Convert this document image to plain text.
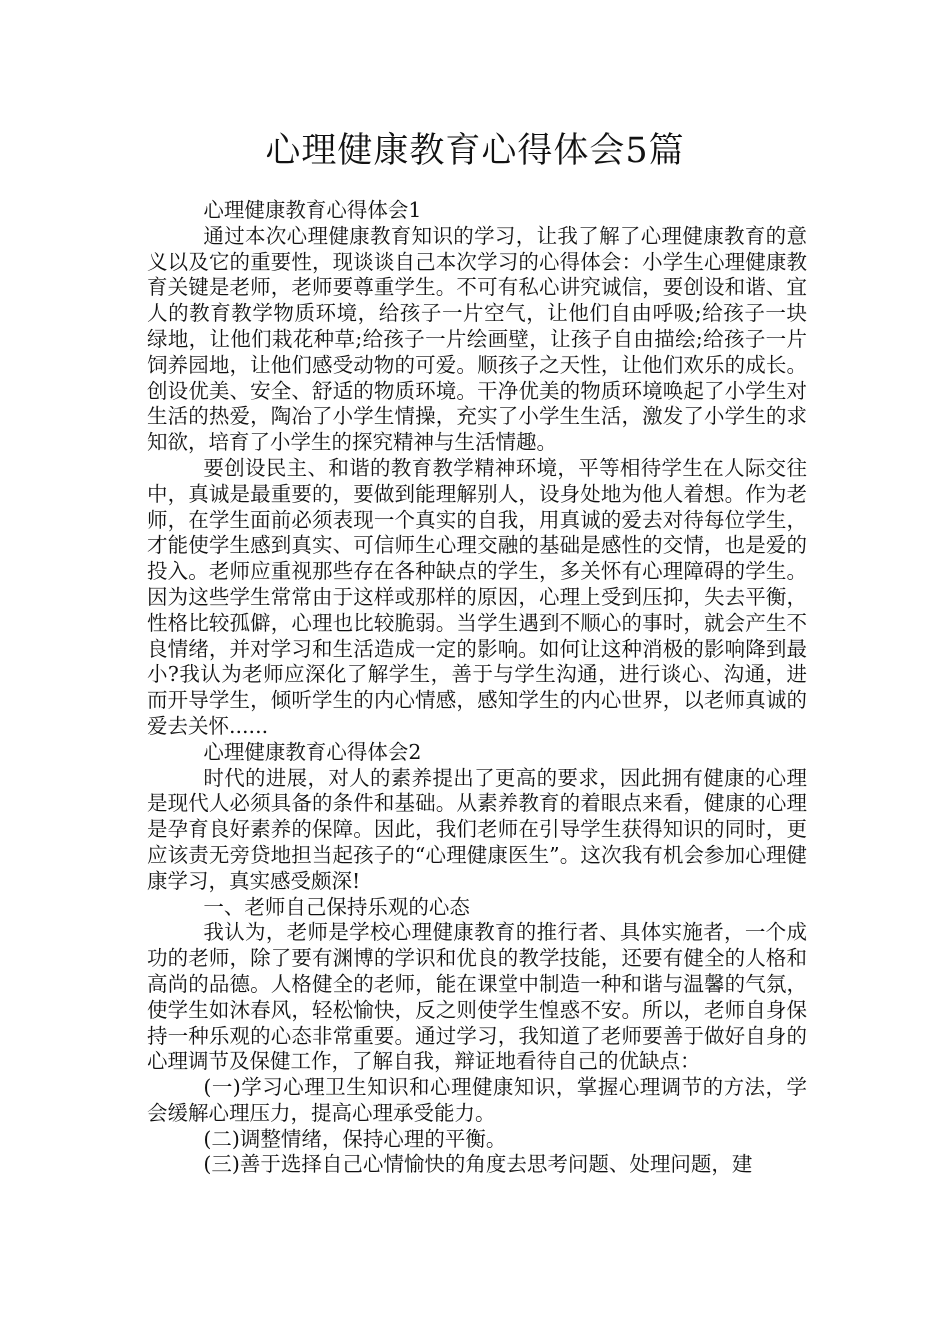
心理健康教育心得体会5篇

心理健康教育心得体会1

通过本次心理健康教育知识的学习，让我了解了心理健康教育的意义以及它的重要性，现谈谈自己本次学习的心得体会：小学生心理健康教育关键是老师，老师要尊重学生。不可有私心讲究诚信，要创设和谐、宜人的教育教学物质环境，给孩子一片空气，让他们自由呼吸;给孩子一块绿地，让他们栽花种草;给孩子一片绘画壁，让孩子自由描绘;给孩子一片饲养园地，让他们感受动物的可爱。顺孩子之天性，让他们欢乐的成长。创设优美、安全、舒适的物质环境。干净优美的物质环境唤起了小学生对生活的热爱，陶冶了小学生情操，充实了小学生生活，激发了小学生的求知欲，培育了小学生的探究精神与生活情趣。

要创设民主、和谐的教育教学精神环境，平等相待学生在人际交往中，真诚是最重要的，要做到能理解别人，设身处地为他人着想。作为老师，在学生面前必须表现一个真实的自我，用真诚的爱去对待每位学生，才能使学生感到真实、可信师生心理交融的基础是感性的交情，也是爱的投入。老师应重视那些存在各种缺点的学生，多关怀有心理障碍的学生。因为这些学生常常由于这样或那样的原因，心理上受到压抑，失去平衡，性格比较孤僻，心理也比较脆弱。当学生遇到不顺心的事时，就会产生不良情绪，并对学习和生活造成一定的影响。如何让这种消极的影响降到最小?我认为老师应深化了解学生，善于与学生沟通，进行谈心、沟通，进而开导学生，倾听学生的内心情感，感知学生的内心世界，以老师真诚的爱去关怀......

心理健康教育心得体会2

时代的进展，对人的素养提出了更高的要求，因此拥有健康的心理是现代人必须具备的条件和基础。从素养教育的着眼点来看，健康的心理是孕育良好素养的保障。因此，我们老师在引导学生获得知识的同时，更应该责无旁贷地担当起孩子的“心理健康医生”。这次我有机会参加心理健康学习，真实感受颇深!

一、老师自己保持乐观的心态

我认为，老师是学校心理健康教育的推行者、具体实施者，一个成功的老师，除了要有渊博的学识和优良的教学技能，还要有健全的人格和高尚的品德。人格健全的老师，能在课堂中制造一种和谐与温馨的气氛，使学生如沐春风，轻松愉快，反之则使学生惶惑不安。所以，老师自身保持一种乐观的心态非常重要。通过学习，我知道了老师要善于做好自身的心理调节及保健工作，了解自我，辩证地看待自己的优缺点：

(一)学习心理卫生知识和心理健康知识，掌握心理调节的方法，学会缓解心理压力，提高心理承受能力。

(二)调整情绪，保持心理的平衡。

(三)善于选择自己心情愉快的角度去思考问题、处理问题，建
